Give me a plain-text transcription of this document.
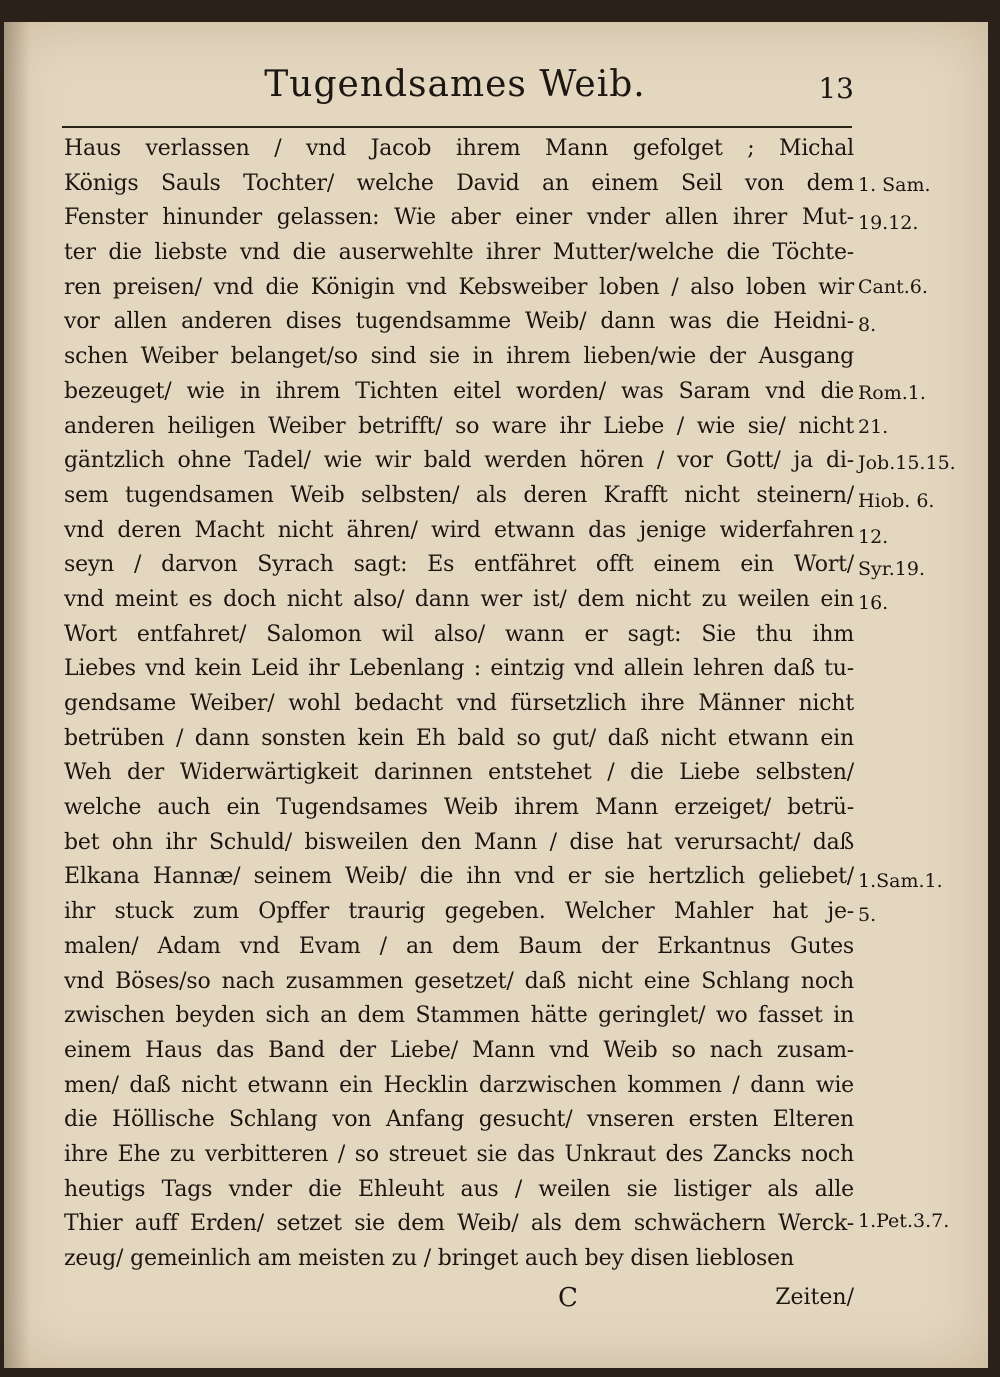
Tugendsames Weib.	13
Haus verlassen / vnd Jacob ihrem Mann gefolget ; Michal
Königs Sauls Tochter/ welche David an einem Seil von dem
Fenster hinunder gelassen: Wie aber einer vnder allen ihrer Mut-
ter die liebste vnd die auserwehlte ihrer Mutter/welche die Töchte-
ren preisen/ vnd die Königin vnd Kebsweiber loben / also loben wir
vor allen anderen dises tugendsamme Weib/ dann was die Heidni-
schen Weiber belanget/so sind sie in ihrem lieben/wie der Ausgang
bezeuget/ wie in ihrem Tichten eitel worden/ was Saram vnd die
anderen heiligen Weiber betrifft/ so ware ihr Liebe / wie sie/ nicht
gäntzlich ohne Tadel/ wie wir bald werden hören / vor Gott/ ja di-
sem tugendsamen Weib selbsten/ als deren Krafft nicht steinern/
vnd deren Macht nicht ähren/ wird etwann das jenige widerfahren
seyn / darvon Syrach sagt: Es entfähret offt einem ein Wort/
vnd meint es doch nicht also/ dann wer ist/ dem nicht zu weilen ein
Wort entfahret/ Salomon wil also/ wann er sagt: Sie thu ihm
Liebes vnd kein Leid ihr Lebenlang : eintzig vnd allein lehren daß tu-
gendsame Weiber/ wohl bedacht vnd fürsetzlich ihre Männer nicht
betrüben / dann sonsten kein Eh bald so gut/ daß nicht etwann ein
Weh der Widerwärtigkeit darinnen entstehet / die Liebe selbsten/
welche auch ein Tugendsames Weib ihrem Mann erzeiget/ betrü-
bet ohn ihr Schuld/ bisweilen den Mann / dise hat verursacht/ daß
Elkana Hannæ/ seinem Weib/ die ihn vnd er sie hertzlich geliebet/
ihr stuck zum Opffer traurig gegeben. Welcher Mahler hat je-
malen/ Adam vnd Evam / an dem Baum der Erkantnus Gutes
vnd Böses/so nach zusammen gesetzet/ daß nicht eine Schlang noch
zwischen beyden sich an dem Stammen hätte geringlet/ wo fasset in
einem Haus das Band der Liebe/ Mann vnd Weib so nach zusam-
men/ daß nicht etwann ein Hecklin darzwischen kommen / dann wie
die Höllische Schlang von Anfang gesucht/ vnseren ersten Elteren
ihre Ehe zu verbitteren / so streuet sie das Unkraut des Zancks noch
heutigs Tags vnder die Ehleuht aus / weilen sie listiger als alle
Thier auff Erden/ setzet sie dem Weib/ als dem schwächern Werck-
zeug/ gemeinlich am meisten zu / bringet auch bey disen lieblosen
1. Sam.
19.12.
Cant.6.
8.
Rom.1.
21.
Job.15.15.
Hiob. 6.
12.
Syr.19.
16.
1.Sam.1.
5.
1.Pet.3.7.
C	Zeiten/
